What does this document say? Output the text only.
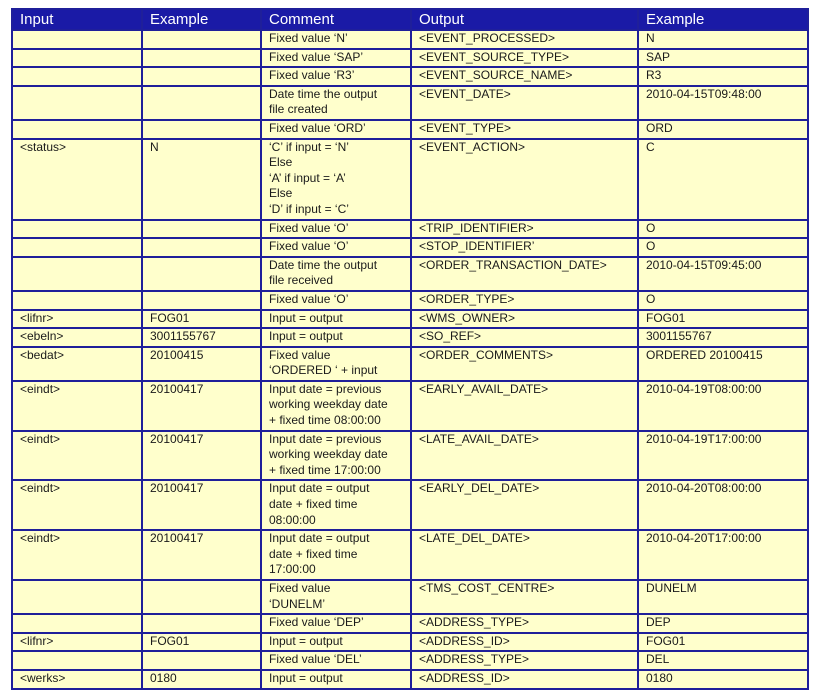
Input	Example	Comment	Output	Example
		Fixed value ‘N’	<EVENT_PROCESSED>	N
		Fixed value ‘SAP’	<EVENT_SOURCE_TYPE>	SAP
		Fixed value ‘R3’	<EVENT_SOURCE_NAME>	R3
		Date time the output
file created	<EVENT_DATE>	2010-04-15T09:48:00
		Fixed value ‘ORD’	<EVENT_TYPE>	ORD
<status>	N	‘C’ if input = ‘N’
Else
‘A’ if input = ‘A’
Else
‘D’ if input = ‘C’	<EVENT_ACTION>	C
		Fixed value ‘O’	<TRIP_IDENTIFIER>	O
		Fixed value ‘O’	<STOP_IDENTIFIER’	O
		Date time the output
file received	<ORDER_TRANSACTION_DATE>	2010-04-15T09:45:00
		Fixed value ‘O’	<ORDER_TYPE>	O
<lifnr>	FOG01	Input = output	<WMS_OWNER>	FOG01
<ebeln>	3001155767	Input = output	<SO_REF>	3001155767
<bedat>	20100415	Fixed value
‘ORDERED ‘ + input	<ORDER_COMMENTS>	ORDERED 20100415
<eindt>	20100417	Input date = previous
working weekday date
+ fixed time 08:00:00	<EARLY_AVAIL_DATE>	2010-04-19T08:00:00
<eindt>	20100417	Input date = previous
working weekday date
+ fixed time 17:00:00	<LATE_AVAIL_DATE>	2010-04-19T17:00:00
<eindt>	20100417	Input date = output
date + fixed time
08:00:00	<EARLY_DEL_DATE>	2010-04-20T08:00:00
<eindt>	20100417	Input date = output
date + fixed time
17:00:00	<LATE_DEL_DATE>	2010-04-20T17:00:00
		Fixed value
‘DUNELM’	<TMS_COST_CENTRE>	DUNELM
		Fixed value ‘DEP’	<ADDRESS_TYPE>	DEP
<lifnr>	FOG01	Input = output	<ADDRESS_ID>	FOG01
		Fixed value ‘DEL’	<ADDRESS_TYPE>	DEL
<werks>	0180	Input = output	<ADDRESS_ID>	0180
